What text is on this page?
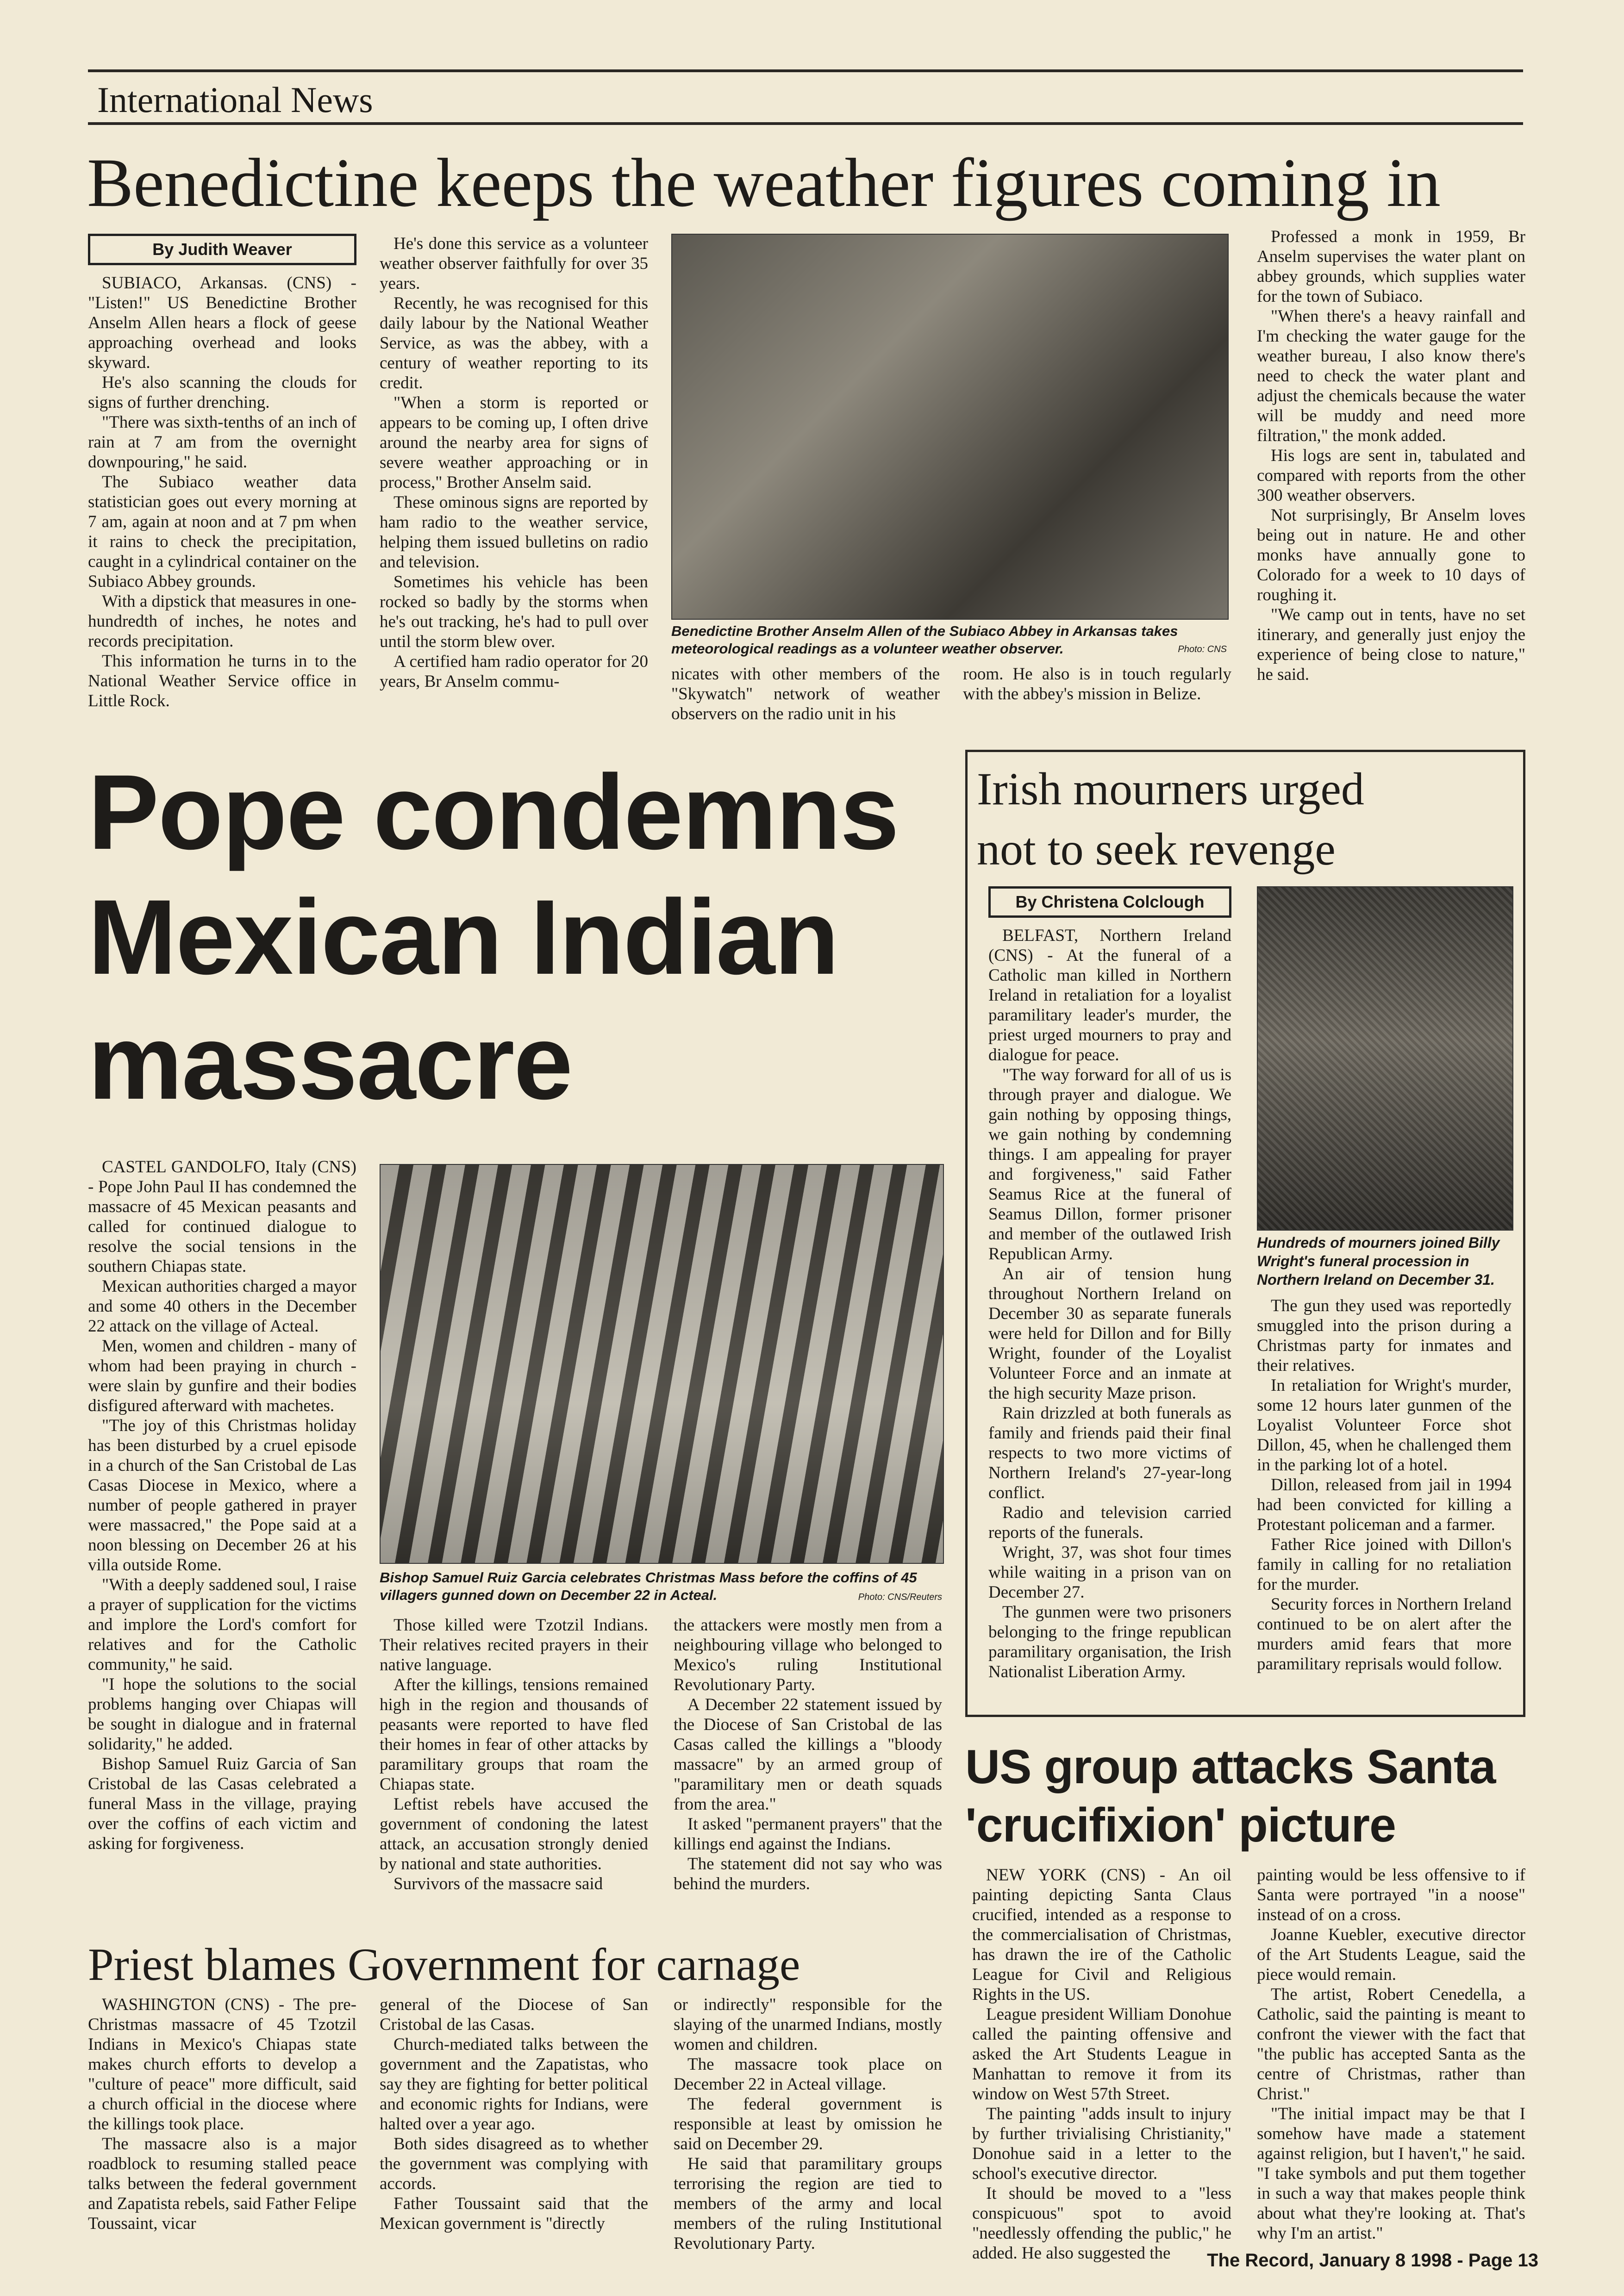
International News
Benedictine keeps the weather figures coming in
By Judith Weaver

SUBIACO, Arkansas. (CNS) - "Listen!" US Benedictine Brother Anselm Allen hears a flock of geese approaching overhead and looks skyward.

He's also scanning the clouds for signs of further drenching.

"There was sixth-tenths of an inch of rain at 7 am from the overnight downpouring," he said.

The Subiaco weather data statistician goes out every morning at 7 am, again at noon and at 7 pm when it rains to check the precipitation, caught in a cylindrical container on the Subiaco Abbey grounds.

With a dipstick that measures in one-hundredth of inches, he notes and records precipitation.

This information he turns in to the National Weather Service office in Little Rock.

He's done this service as a volunteer weather observer faithfully for over 35 years.

Recently, he was recognised for this daily labour by the National Weather Service, as was the abbey, with a century of weather reporting to its credit.

"When a storm is reported or appears to be coming up, I often drive around the nearby area for signs of severe weather approaching or in process," Brother Anselm said.

These ominous signs are reported by ham radio to the weather service, helping them issued bulletins on radio and television.

Sometimes his vehicle has been rocked so badly by the storms when he's out tracking, he's had to pull over until the storm blew over.

A certified ham radio operator for 20 years, Br Anselm commu-

Benedictine Brother Anselm Allen of the Subiaco Abbey in Arkansas takes meteorological readings as a volunteer weather observer.	Photo: CNS

nicates with other members of the "Skywatch" network of weather observers on the radio unit in his

room. He also is in touch regularly with the abbey's mission in Belize.

Professed a monk in 1959, Br Anselm supervises the water plant on abbey grounds, which supplies water for the town of Subiaco.

"When there's a heavy rainfall and I'm checking the water gauge for the weather bureau, I also know there's need to check the water plant and adjust the chemicals because the water will be muddy and need more filtration," the monk added.

His logs are sent in, tabulated and compared with reports from the other 300 weather observers.

Not surprisingly, Br Anselm loves being out in nature. He and other monks have annually gone to Colorado for a week to 10 days of roughing it.

"We camp out in tents, have no set itinerary, and generally just enjoy the experience of being close to nature," he said.

Pope condemns Mexican Indian massacre

CASTEL GANDOLFO, Italy (CNS) - Pope John Paul II has condemned the massacre of 45 Mexican peasants and called for continued dialogue to resolve the social tensions in the southern Chiapas state.

Mexican authorities charged a mayor and some 40 others in the December 22 attack on the village of Acteal.

Men, women and children - many of whom had been praying in church - were slain by gunfire and their bodies disfigured afterward with machetes.

"The joy of this Christmas holiday has been disturbed by a cruel episode in a church of the San Cristobal de Las Casas Diocese in Mexico, where a number of people gathered in prayer were massacred," the Pope said at a noon blessing on December 26 at his villa outside Rome.

"With a deeply saddened soul, I raise a prayer of supplication for the victims and implore the Lord's comfort for relatives and for the Catholic community," he said.

"I hope the solutions to the social problems hanging over Chiapas will be sought in dialogue and in fraternal solidarity," he added.

Bishop Samuel Ruiz Garcia of San Cristobal de las Casas celebrated a funeral Mass in the village, praying over the coffins of each victim and asking for forgiveness.

Bishop Samuel Ruiz Garcia celebrates Christmas Mass before the coffins of 45 villagers gunned down on December 22 in Acteal.	Photo: CNS/Reuters

Those killed were Tzotzil Indians. Their relatives recited prayers in their native language.

After the killings, tensions remained high in the region and thousands of peasants were reported to have fled their homes in fear of other attacks by paramilitary groups that roam the Chiapas state.

Leftist rebels have accused the government of condoning the latest attack, an accusation strongly denied by national and state authorities.

Survivors of the massacre said

the attackers were mostly men from a neighbouring village who belonged to Mexico's ruling Institutional Revolutionary Party.

A December 22 statement issued by the Diocese of San Cristobal de las Casas called the killings a "bloody massacre" by an armed group of "paramilitary men or death squads from the area."

It asked "permanent prayers" that the killings end against the Indians.

The statement did not say who was behind the murders.

Priest blames Government for carnage

WASHINGTON (CNS) - The pre-Christmas massacre of 45 Tzotzil Indians in Mexico's Chiapas state makes church efforts to develop a "culture of peace" more difficult, said a church official in the diocese where the killings took place.

The massacre also is a major roadblock to resuming stalled peace talks between the federal government and Zapatista rebels, said Father Felipe Toussaint, vicar

general of the Diocese of San Cristobal de las Casas.

Church-mediated talks between the government and the Zapatistas, who say they are fighting for better political and economic rights for Indians, were halted over a year ago.

Both sides disagreed as to whether the government was complying with accords.

Father Toussaint said that the Mexican government is "directly

or indirectly" responsible for the slaying of the unarmed Indians, mostly women and children.

The massacre took place on December 22 in Acteal village.

The federal government is responsible at least by omission he said on December 29.

He said that paramilitary groups terrorising the region are tied to members of the army and local members of the ruling Institutional Revolutionary Party.

Irish mourners urged
not to seek revenge
By Christena Colclough

BELFAST, Northern Ireland (CNS) - At the funeral of a Catholic man killed in Northern Ireland in retaliation for a loyalist paramilitary leader's murder, the priest urged mourners to pray and dialogue for peace.

"The way forward for all of us is through prayer and dialogue. We gain nothing by opposing things, we gain nothing by condemning things. I am appealing for prayer and forgiveness," said Father Seamus Rice at the funeral of Seamus Dillon, former prisoner and member of the outlawed Irish Republican Army.

An air of tension hung throughout Northern Ireland on December 30 as separate funerals were held for Dillon and for Billy Wright, founder of the Loyalist Volunteer Force and an inmate at the high security Maze prison.

Rain drizzled at both funerals as family and friends paid their final respects to two more victims of Northern Ireland's 27-year-long conflict.

Radio and television carried reports of the funerals.

Wright, 37, was shot four times while waiting in a prison van on December 27.

The gunmen were two prisoners belonging to the fringe republican paramilitary organisation, the Irish Nationalist Liberation Army.

Hundreds of mourners joined Billy Wright's funeral procession in Northern Ireland on December 31.

The gun they used was reportedly smuggled into the prison during a Christmas party for inmates and their relatives.

In retaliation for Wright's murder, some 12 hours later gunmen of the Loyalist Volunteer Force shot Dillon, 45, when he challenged them in the parking lot of a hotel.

Dillon, released from jail in 1994 had been convicted for killing a Protestant policeman and a farmer.

Father Rice joined with Dillon's family in calling for no retaliation for the murder.

Security forces in Northern Ireland continued to be on alert after the murders amid fears that more paramilitary reprisals would follow.

US group attacks Santa
'crucifixion' picture

NEW YORK (CNS) - An oil painting depicting Santa Claus crucified, intended as a response to the commercialisation of Christmas, has drawn the ire of the Catholic League for Civil and Religious Rights in the US.

League president William Donohue called the painting offensive and asked the Art Students League in Manhattan to remove it from its window on West 57th Street.

The painting "adds insult to injury by further trivialising Christianity," Donohue said in a letter to the school's executive director.

It should be moved to a "less conspicuous" spot to avoid "needlessly offending the public," he added. He also suggested the

painting would be less offensive to if Santa were portrayed "in a noose" instead of on a cross.

Joanne Kuebler, executive director of the Art Students League, said the piece would remain.

The artist, Robert Cenedella, a Catholic, said the painting is meant to confront the viewer with the fact that "the public has accepted Santa as the centre of Christmas, rather than Christ."

"The initial impact may be that I somehow have made a statement against religion, but I haven't," he said. "I take symbols and put them together in such a way that makes people think about what they're looking at. That's why I'm an artist."

The Record, January 8 1998 - Page 13
